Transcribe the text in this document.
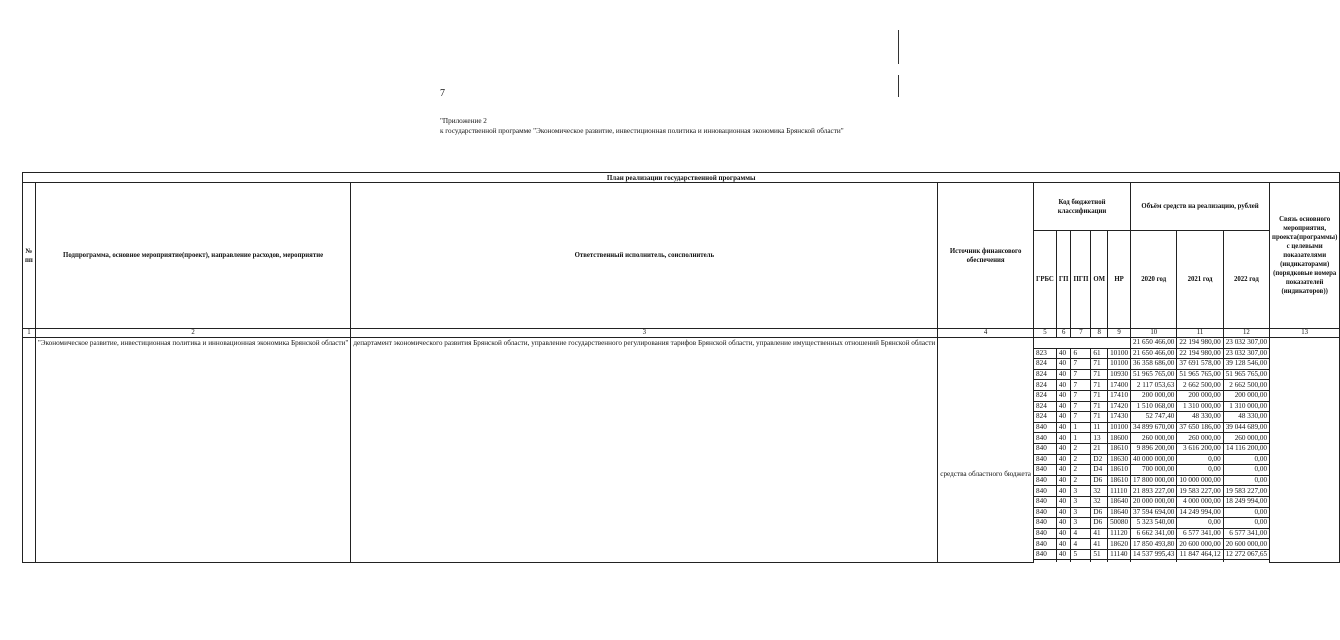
7
"Приложение 2
к государственной программе "Экономическое развитие, инвестиционная политика и инновационная экономика Брянской области"
План реализации государственной программы												
№ пп	Подпрограмма, основное мероприятие(проект), направление расходов, мероприятие	Ответственный исполнитель, соисполнитель	Источник финансового обеспечения	Код бюджетной классификации					Объём средств на реализацию, рублей			Связь основного мероприятия, проекта(программы) с целевыми показателями (индикаторами) (порядковые номера показателей (индикаторов))
				ГРБС	ГП	ПГП	ОМ	НР	2020 год	2021 год	2022 год	
1	2	3	4	5	6	7	8	9	10	11	12	13
	"Экономическое развитие, инвестиционная политика и инновационная экономика Брянской области"	департамент экономического развития Брянской области, управление государственного регулирования тарифов Брянской области, управление имущественных отношений Брянской области	средства областного бюджета						21 650 466,00	22 194 980,00	23 032 307,00	
				823	40	6	61	10100	21 650 466,00	22 194 980,00	23 032 307,00	
				824	40	7	71	10100	36 358 686,00	37 691 578,00	39 128 546,00	
				824	40	7	71	10930	51 965 765,00	51 965 765,00	51 965 765,00	
				824	40	7	71	17400	2 117 053,63	2 662 500,00	2 662 500,00	
				824	40	7	71	17410	200 000,00	200 000,00	200 000,00	
				824	40	7	71	17420	1 510 068,00	1 310 000,00	1 310 000,00	
				824	40	7	71	17430	52 747,40	48 330,00	48 330,00	
				840	40	1	11	10100	34 899 670,00	37 650 186,00	39 044 689,00	
				840	40	1	13	18600	260 000,00	260 000,00	260 000,00	
				840	40	2	21	18610	9 896 200,00	3 616 200,00	14 116 200,00	
				840	40	2	D2	18630	40 000 000,00	0,00	0,00	
				840	40	2	D4	18610	700 000,00	0,00	0,00	
				840	40	2	D6	18610	17 800 000,00	10 000 000,00	0,00	
				840	40	3	32	11110	21 893 227,00	19 583 227,00	19 583 227,00	
				840	40	3	32	18640	20 000 000,00	4 000 000,00	18 249 994,00	
				840	40	3	D6	18640	37 594 694,00	14 249 994,00	0,00	
				840	40	3	D6	50080	5 323 540,00	0,00	0,00	
				840	40	4	41	11120	6 662 341,00	6 577 341,00	6 577 341,00	
				840	40	4	41	18620	17 850 493,80	20 600 000,00	20 600 000,00	
				840	40	5	51	11140	14 537 995,43	11 847 464,12	12 272 067,65	
